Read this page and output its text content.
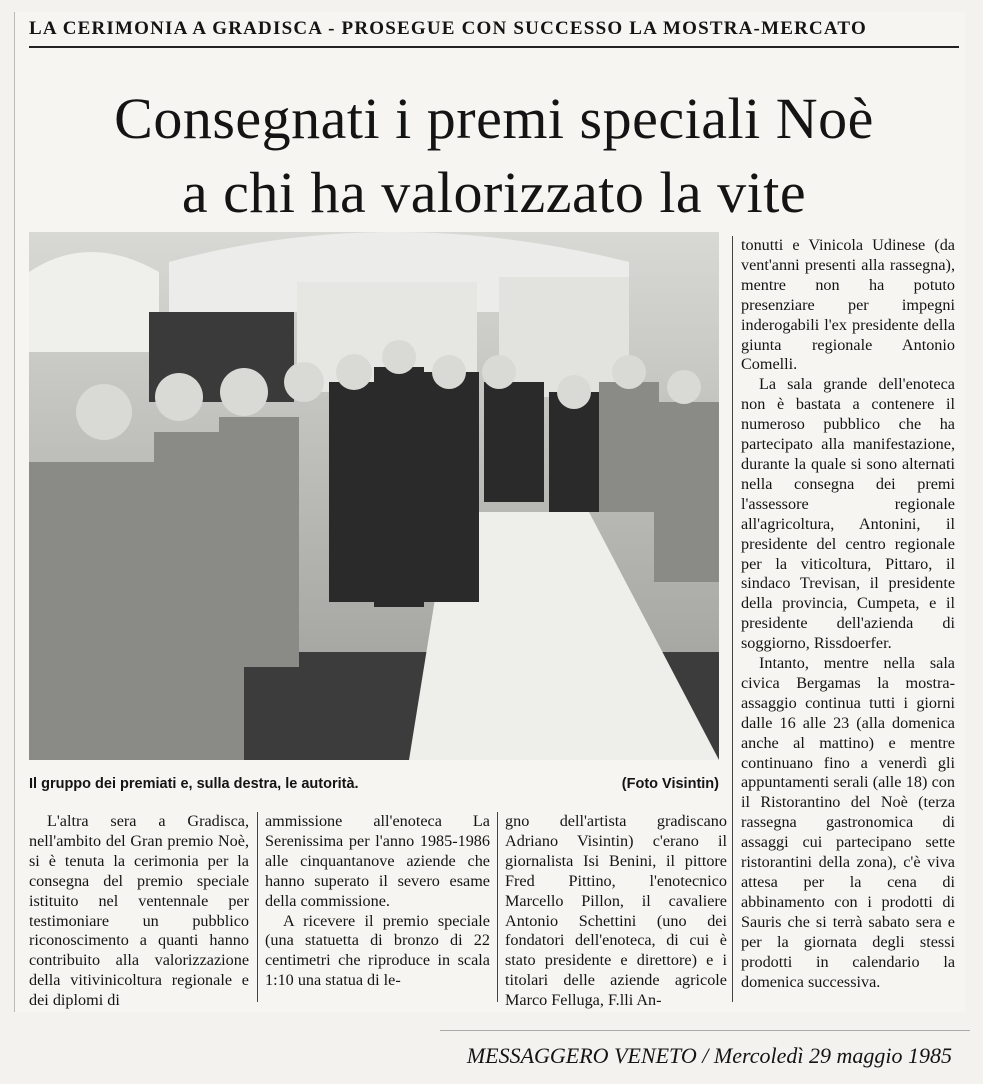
LA CERIMONIA A GRADISCA - PROSEGUE CON SUCCESSO LA MOSTRA-MERCATO
Consegnati i premi speciali Noè
a chi ha valorizzato la vite
Il gruppo dei premiati e, sulla destra, le autorità.	(Foto Visintin)

tonutti e Vinicola Udinese (da vent'anni presenti alla rassegna), mentre non ha potuto presenziare per impegni inderogabili l'ex presidente della giunta regionale Antonio Comelli.

La sala grande dell'enoteca non è bastata a contenere il numeroso pubblico che ha partecipato alla manifestazione, durante la quale si sono alternati nella consegna dei premi l'assessore regionale all'agricoltura, Antonini, il presidente del centro regionale per la viticoltura, Pittaro, il sindaco Trevisan, il presidente della provincia, Cumpeta, e il presidente dell'azienda di soggiorno, Rissdoerfer.

Intanto, mentre nella sala civica Bergamas la mostra-assaggio continua tutti i giorni dalle 16 alle 23 (alla domenica anche al mattino) e mentre continuano fino a venerdì gli appuntamenti serali (alle 18) con il Ristorantino del Noè (terza rassegna gastronomica di assaggi cui partecipano sette ristorantini della zona), c'è viva attesa per la cena di abbinamento con i prodotti di Sauris che si terrà sabato sera e per la giornata degli stessi prodotti in calendario la domenica successiva.

L'altra sera a Gradisca, nell'ambito del Gran premio Noè, si è tenuta la cerimonia per la consegna del premio speciale istituito nel ventennale per testimoniare un pubblico riconoscimento a quanti hanno contribuito alla valorizzazione della vitivinicoltura regionale e dei diplomi di

ammissione all'enoteca La Serenissima per l'anno 1985-1986 alle cinquantanove aziende che hanno superato il severo esame della commissione.

A ricevere il premio speciale (una statuetta di bronzo di 22 centimetri che riproduce in scala 1:10 una statua di le-

gno dell'artista gradiscano Adriano Visintin) c'erano il giornalista Isi Benini, il pittore Fred Pittino, l'enotecnico Marcello Pillon, il cavaliere Antonio Schettini (uno dei fondatori dell'enoteca, di cui è stato presidente e direttore) e i titolari delle aziende agricole Marco Felluga, F.lli An-

MESSAGGERO VENETO / Mercoledì 29 maggio 1985
